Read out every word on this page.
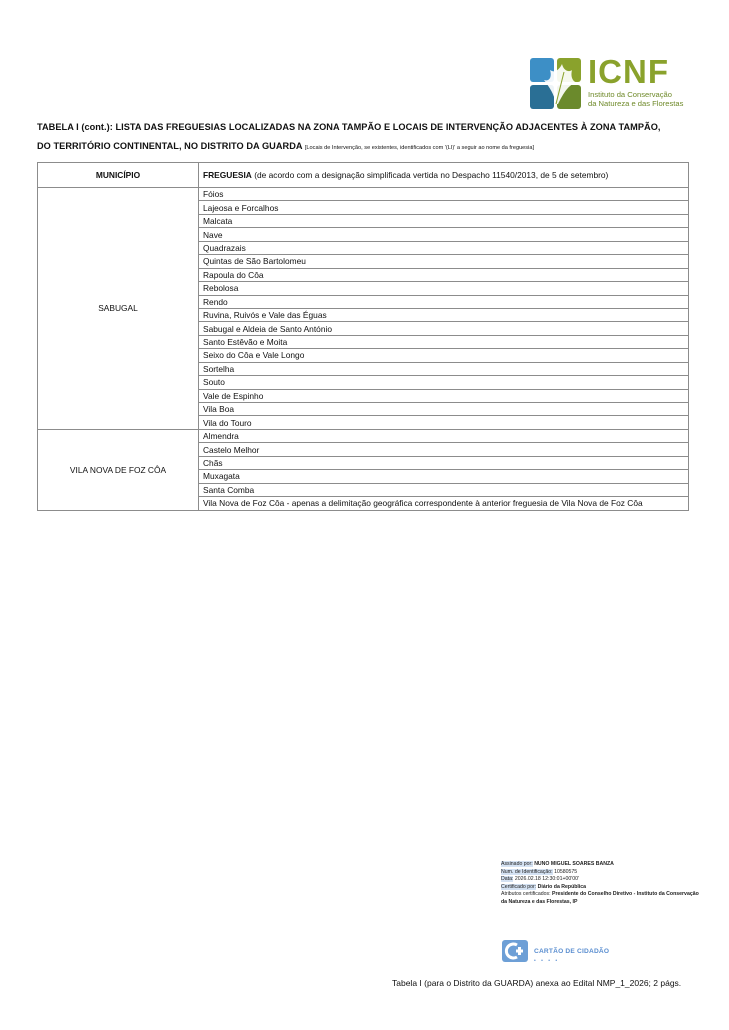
ICNF
Instituto da Conservação
da Natureza e das Florestas
TABELA I (cont.): LISTA DAS FREGUESIAS LOCALIZADAS NA ZONA TAMPÃO E LOCAIS DE INTERVENÇÃO ADJACENTES À ZONA TAMPÃO,
DO TERRITÓRIO CONTINENTAL, NO DISTRITO DA GUARDA [Locais de Intervenção, se existentes, identificados com '(LI)' a seguir ao nome da freguesia]
MUNICÍPIO	FREGUESIA (de acordo com a designação simplificada vertida no Despacho 11540/2013, de 5 de setembro)
SABUGAL	Fóios
	Lajeosa e Forcalhos
	Malcata
	Nave
	Quadrazais
	Quintas de São Bartolomeu
	Rapoula do Côa
	Rebolosa
	Rendo
	Ruvina, Ruivós e Vale das Éguas
	Sabugal e Aldeia de Santo António
	Santo Estêvão e Moita
	Seixo do Côa e Vale Longo
	Sortelha
	Souto
	Vale de Espinho
	Vila Boa
	Vila do Touro
VILA NOVA DE FOZ CÔA	Almendra
	Castelo Melhor
	Chãs
	Muxagata
	Santa Comba
	Vila Nova de Foz Côa - apenas a delimitação geográfica correspondente à anterior freguesia de Vila Nova de Foz Côa
Assinado por: NUNO MIGUEL SOARES BANZA
Num. de Identificação: 10580575
Data: 2026.02.18 12:30:01+00'00'
Certificado por: Diário da República
Atributos certificados: Presidente do Conselho Diretivo - Instituto da Conservação da Natureza e das Florestas, IP
CARTÃO DE CIDADÃO
• • • •
Tabela I (para o Distrito da GUARDA) anexa ao Edital NMP_1_2026; 2 págs.
